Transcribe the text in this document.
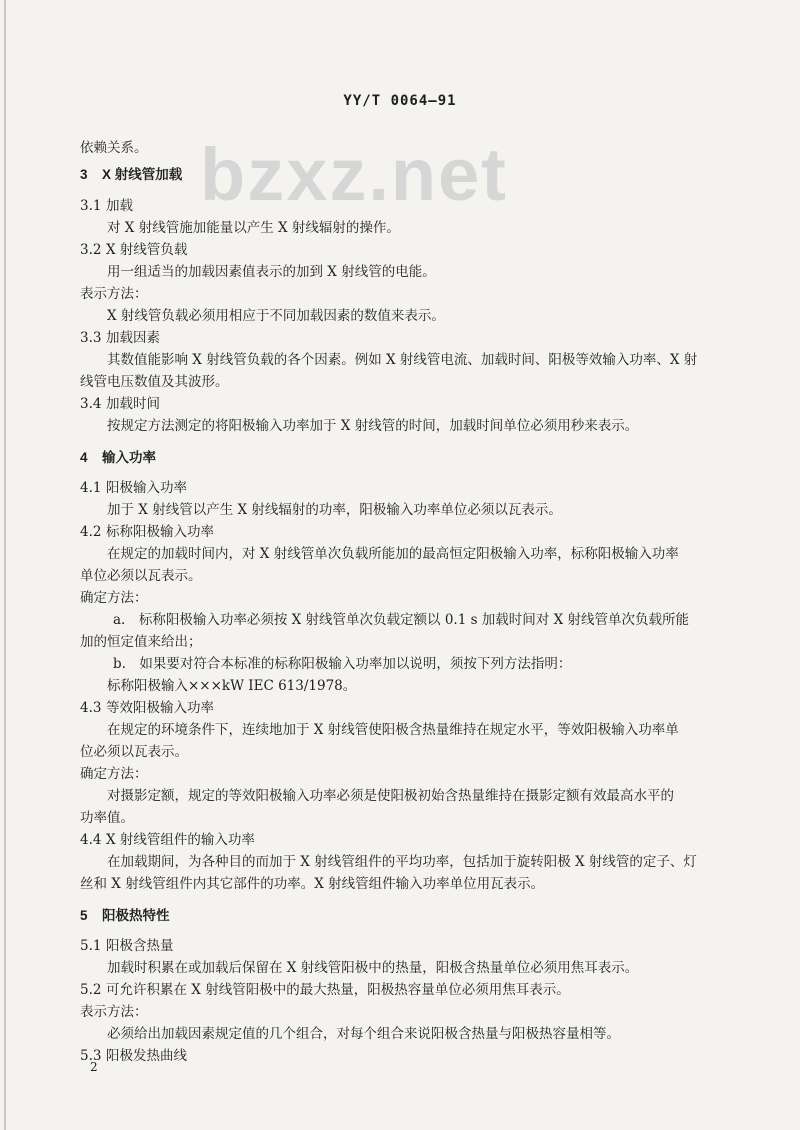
YY/T 0064—91
bzxz.net
依赖关系。
3 X 射线管加载
3.1 加载
对 X 射线管施加能量以产生 X 射线辐射的操作。
3.2 X 射线管负载
用一组适当的加载因素值表示的加到 X 射线管的电能。
表示方法：
X 射线管负载必须用相应于不同加载因素的数值来表示。
3.3 加载因素
其数值能影响 X 射线管负载的各个因素。例如 X 射线管电流、加载时间、阳极等效输入功率、X 射
线管电压数值及其波形。
3.4 加载时间
按规定方法测定的将阳极输入功率加于 X 射线管的时间，加载时间单位必须用秒来表示。
4 输入功率
4.1 阳极输入功率
加于 X 射线管以产生 X 射线辐射的功率，阳极输入功率单位必须以瓦表示。
4.2 标称阳极输入功率
在规定的加载时间内，对 X 射线管单次负载所能加的最高恒定阳极输入功率，标称阳极输入功率
单位必须以瓦表示。
确定方法：
a.　标称阳极输入功率必须按 X 射线管单次负载定额以 0.1 s 加载时间对 X 射线管单次负载所能
加的恒定值来给出；
b.　如果要对符合本标准的标称阳极输入功率加以说明，须按下列方法指明：
标称阳极输入×××kW IEC 613/1978。
4.3 等效阳极输入功率
在规定的环境条件下，连续地加于 X 射线管使阳极含热量维持在规定水平，等效阳极输入功率单
位必须以瓦表示。
确定方法：
对摄影定额，规定的等效阳极输入功率必须是使阳极初始含热量维持在摄影定额有效最高水平的
功率值。
4.4 X 射线管组件的输入功率
在加载期间，为各种目的而加于 X 射线管组件的平均功率，包括加于旋转阳极 X 射线管的定子、灯
丝和 X 射线管组件内其它部件的功率。X 射线管组件输入功率单位用瓦表示。
5 阳极热特性
5.1 阳极含热量
加载时积累在或加载后保留在 X 射线管阳极中的热量，阳极含热量单位必须用焦耳表示。
5.2 可允许积累在 X 射线管阳极中的最大热量，阳极热容量单位必须用焦耳表示。
表示方法：
必须给出加载因素规定值的几个组合，对每个组合来说阳极含热量与阳极热容量相等。
5.3 阳极发热曲线
2
